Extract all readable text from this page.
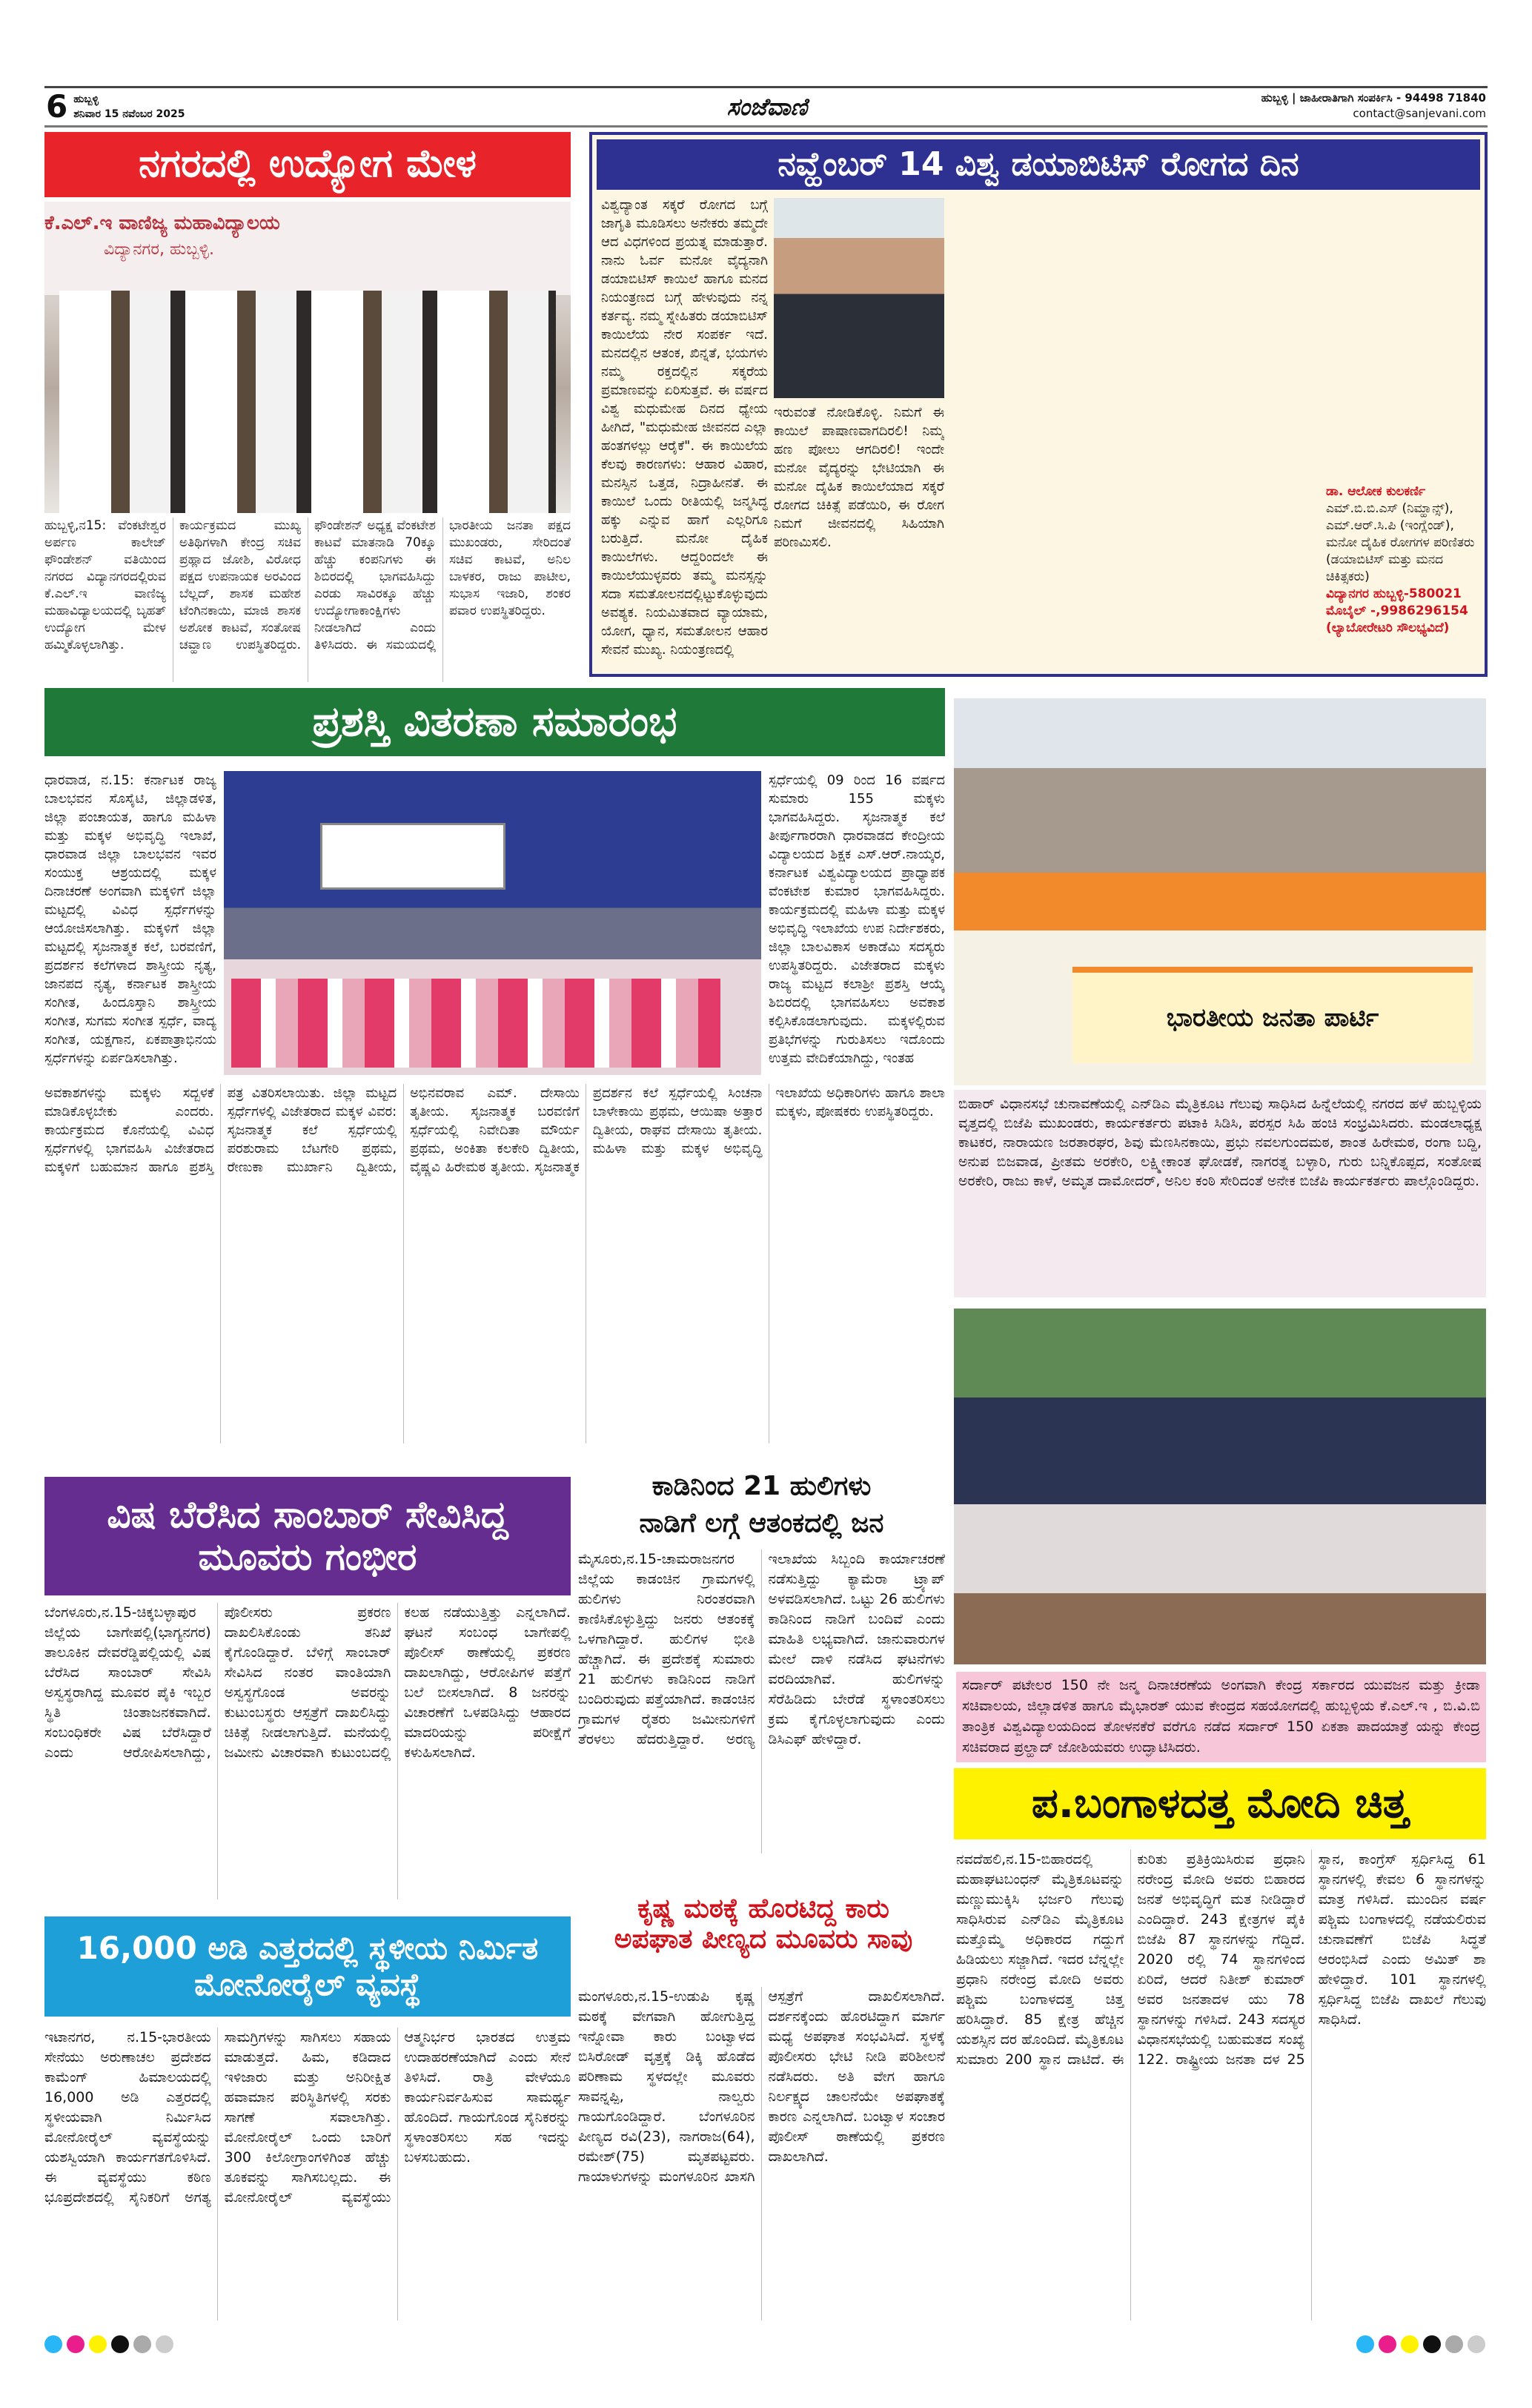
6 ಹುಬ್ಬಳ್ಳಿ
ಶನಿವಾರ 15 ನವೆಂಬರ 2025	ಸಂಜೆವಾಣಿ	ಹುಬ್ಬಳ್ಳಿ | ಜಾಹೀರಾತಿಗಾಗಿ ಸಂಪರ್ಕಿಸಿ - 94498 71840
contact@sanjevani.com
ನಗರದಲ್ಲಿ ಉದ್ಯೋಗ ಮೇಳ
ಕೆ.ಎಲ್.ಇ ವಾಣಿಜ್ಯ ಮಹಾವಿದ್ಯಾಲಯ
ವಿದ್ಯಾನಗರ, ಹುಬ್ಬಳ್ಳಿ.
ಹುಬ್ಬಳ್ಳಿ,ನ15: ವೆಂಕಟೇಶ್ವರ ಅರ್ಪಣ ಕಾಲೇಜ್ ಫೌಂಡೇಶನ್ ವತಿಯಿಂದ ನಗರದ ವಿದ್ಯಾನಗರದಲ್ಲಿರುವ ಕೆ.ಎಲ್.ಇ ವಾಣಿಜ್ಯ ಮಹಾವಿದ್ಯಾಲಯದಲ್ಲಿ ಬೃಹತ್ ಉದ್ಯೋಗ ಮೇಳ ಹಮ್ಮಿಕೊಳ್ಳಲಾಗಿತ್ತು. ಕಾರ್ಯಕ್ರಮದ ಮುಖ್ಯ ಅತಿಥಿಗಳಾಗಿ ಕೇಂದ್ರ ಸಚಿವ ಪ್ರಹ್ಲಾದ ಜೋಶಿ, ವಿರೋಧ ಪಕ್ಷದ ಉಪನಾಯಕ ಅರವಿಂದ ಬೆಲ್ಲದ್, ಶಾಸಕ ಮಹೇಶ ಟೆಂಗಿನಕಾಯಿ, ಮಾಜಿ ಶಾಸಕ ಅಶೋಕ ಕಾಟವೆ, ಸಂತೋಷ ಚವ್ಹಾಣ ಉಪಸ್ಥಿತರಿದ್ದರು. ಫೌಂಡೇಶನ್ ಅಧ್ಯಕ್ಷ ವೆಂಕಟೇಶ ಕಾಟವೆ ಮಾತನಾಡಿ 70ಕ್ಕೂ ಹೆಚ್ಚು ಕಂಪನಿಗಳು ಈ ಶಿಬಿರದಲ್ಲಿ ಭಾಗವಹಿಸಿದ್ದು ಎರಡು ಸಾವಿರಕ್ಕೂ ಹೆಚ್ಚು ಉದ್ಯೋಗಾಕಾಂಕ್ಷಿಗಳು ನೀಡಲಾಗಿದೆ ಎಂದು ತಿಳಿಸಿದರು. ಈ ಸಮಯದಲ್ಲಿ ಭಾರತೀಯ ಜನತಾ ಪಕ್ಷದ ಮುಖಂಡರು, ಸೇರಿದಂತೆ ಸಚಿವ ಕಾಟವೆ, ಅನಿಲ ಬಾಳಕರ, ರಾಜು ಪಾಟೀಲ, ಸುಭಾಸ ಇಜಾರಿ, ಶಂಕರ ಪವಾರ ಉಪಸ್ಥಿತರಿದ್ದರು.
ನವ್ಹೆಂಬರ್ 14 ವಿಶ್ವ ಡಯಾಬಿಟಿಸ್ ರೋಗದ ದಿನ
ವಿಶ್ವದ್ಯಾಂತ ಸಕ್ಕರೆ ರೋಗದ ಬಗ್ಗೆ ಜಾಗೃತಿ ಮೂಡಿಸಲು ಅನೇಕರು ತಮ್ಮದೇ ಆದ ವಿಧಗಳಿಂದ ಪ್ರಯತ್ನ ಮಾಡುತ್ತಾರೆ. ನಾನು ಓರ್ವ ಮನೋ ವೈದ್ಯನಾಗಿ ಡಯಾಬಿಟಿಸ್ ಕಾಯಿಲೆ ಹಾಗೂ ಮನದ ನಿಯಂತ್ರಣದ ಬಗ್ಗೆ ಹೇಳುವುದು ನನ್ನ ಕರ್ತವ್ಯ. ನಮ್ಮ ಸ್ನೇಹಿತರು ಡಯಾಬಿಟಿಸ್ ಕಾಯಿಲೆಯ ನೇರ ಸಂಪರ್ಕ ಇದೆ. ಮನದಲ್ಲಿನ ಆತಂಕ, ಖಿನ್ನತೆ, ಭಯಗಳು ನಮ್ಮ ರಕ್ತದಲ್ಲಿನ ಸಕ್ಕರೆಯ ಪ್ರಮಾಣವನ್ನು ಏರಿಸುತ್ತವೆ. ಈ ವರ್ಷದ ವಿಶ್ವ ಮಧುಮೇಹ ದಿನದ ಧ್ಯೇಯ ಹೀಗಿದೆ, "ಮಧುಮೇಹ ಜೀವನದ ಎಲ್ಲಾ ಹಂತಗಳಲ್ಲು ಆರೈಕೆ". ಈ ಕಾಯಿಲೆಯ ಕೆಲವು ಕಾರಣಗಳು: ಆಹಾರ ವಿಹಾರ, ಮನಸ್ಸಿನ ಒತ್ತಡ, ನಿದ್ರಾಹೀನತೆ. ಈ ಕಾಯಿಲೆ ಒಂದು ರೀತಿಯಲ್ಲಿ ಜನ್ಮಸಿದ್ಧ ಹಕ್ಕು ಎನ್ನುವ ಹಾಗೆ ಎಲ್ಲರಿಗೂ ಬರುತ್ತಿದೆ. ಮನೋ ದೈಹಿಕ ಕಾಯಿಲೆಗಳು. ಆದ್ದರಿಂದಲೇ ಈ ಕಾಯಿಲೆಯುಳ್ಳವರು ತಮ್ಮ ಮನಸ್ಸನ್ನು ಸದಾ ಸಮತೋಲನದಲ್ಲಿಟ್ಟುಕೊಳ್ಳುವುದು ಅವಶ್ಯಕ. ನಿಯಮಿತವಾದ ವ್ಯಾಯಾಮ, ಯೋಗ, ಧ್ಯಾನ, ಸಮತೋಲನ ಆಹಾರ ಸೇವನೆ ಮುಖ್ಯ. ನಿಯಂತ್ರಣದಲ್ಲಿ
ಇರುವಂತೆ ನೋಡಿಕೊಳ್ಳಿ. ನಿಮಗೆ ಈ ಕಾಯಿಲೆ ಪಾಷಾಣವಾಗದಿರಲಿ! ನಿಮ್ಮ ಹಣ ಪೋಲು ಆಗದಿರಲಿ! ಇಂದೇ ಮನೋ ವೈದ್ಯರನ್ನು ಭೇಟಿಯಾಗಿ ಈ ಮನೋ ದೈಹಿಕ ಕಾಯಿಲೆಯಾದ ಸಕ್ಕರೆ ರೋಗದ ಚಿಕಿತ್ಸೆ ಪಡೆಯಿರಿ, ಈ ರೋಗ ನಿಮಗೆ ಜೀವನದಲ್ಲಿ ಸಿಹಿಯಾಗಿ ಪರಿಣಮಿಸಲಿ.
ಡಾ. ಆಲೋಕ ಕುಲಕರ್ಣಿ
ಎಮ್.ಬಿ.ಬಿ.ಎಸ್ (ನಿಮ್ಹಾನ್ಸ್), ಎಮ್.ಆರ್.ಸಿ.ಪಿ (ಇಂಗ್ಲೆಂಡ್), ಮನೋ ದೈಹಿಕ ರೋಗಗಳ ಪರಿಣಿತರು (ಡಯಾಬಿಟಿಸ್ ಮತ್ತು ಮನದ ಚಿಕಿತ್ಸಕರು)
ವಿದ್ಯಾನಗರ ಹುಬ್ಬಳ್ಳಿ-580021
ಮೊಬೈಲ್ -,9986296154
(ಲ್ಯಾಬೋರೇಟರಿ ಸೌಲಭ್ಯವಿದೆ)
ಪ್ರಶಸ್ತಿ ವಿತರಣಾ ಸಮಾರಂಭ
ಧಾರವಾಡ, ನ.15: ಕರ್ನಾಟಕ ರಾಜ್ಯ ಬಾಲಭವನ ಸೊಸೈಟಿ, ಜಿಲ್ಲಾಡಳಿತ, ಜಿಲ್ಲಾ ಪಂಚಾಯತ, ಹಾಗೂ ಮಹಿಳಾ ಮತ್ತು ಮಕ್ಕಳ ಅಭಿವೃದ್ಧಿ ಇಲಾಖೆ, ಧಾರವಾಡ ಜಿಲ್ಲಾ ಬಾಲಭವನ ಇವರ ಸಂಯುಕ್ತ ಆಶ್ರಯದಲ್ಲಿ ಮಕ್ಕಳ ದಿನಾಚರಣೆ ಅಂಗವಾಗಿ ಮಕ್ಕಳಿಗೆ ಜಿಲ್ಲಾ ಮಟ್ಟದಲ್ಲಿ ವಿವಿಧ ಸ್ಪರ್ಧೆಗಳನ್ನು ಆಯೋಜಿಸಲಾಗಿತ್ತು. ಮಕ್ಕಳಿಗೆ ಜಿಲ್ಲಾ ಮಟ್ಟದಲ್ಲಿ ಸೃಜನಾತ್ಮಕ ಕಲೆ, ಬರವಣಿಗೆ, ಪ್ರದರ್ಶನ ಕಲೆಗಳಾದ ಶಾಸ್ತ್ರೀಯ ನೃತ್ಯ, ಜಾನಪದ ನೃತ್ಯ, ಕರ್ನಾಟಕ ಶಾಸ್ತ್ರೀಯ ಸಂಗೀತ, ಹಿಂದೂಸ್ತಾನಿ ಶಾಸ್ತ್ರೀಯ ಸಂಗೀತ, ಸುಗಮ ಸಂಗೀತ ಸ್ಪರ್ಧೆ, ವಾದ್ಯ ಸಂಗೀತ, ಯಕ್ಷಗಾನ, ಏಕಪಾತ್ರಾಭಿನಯ ಸ್ಪರ್ಧೆಗಳನ್ನು ಏರ್ಪಡಿಸಲಾಗಿತ್ತು.
ಸ್ಪರ್ಧೆಯಲ್ಲಿ 09 ರಿಂದ 16 ವರ್ಷದ ಸುಮಾರು 155 ಮಕ್ಕಳು ಭಾಗವಹಿಸಿದ್ದರು. ಸೃಜನಾತ್ಮಕ ಕಲೆ ತೀರ್ಪುಗಾರರಾಗಿ ಧಾರವಾಡದ ಕೇಂದ್ರೀಯ ವಿದ್ಯಾಲಯದ ಶಿಕ್ಷಕ ಎಸ್.ಆರ್.ನಾಯ್ಕರ, ಕರ್ನಾಟಕ ವಿಶ್ವವಿದ್ಯಾಲಯದ ಪ್ರಾಧ್ಯಾಪಕ ವೆಂಕಟೇಶ ಕುಮಾರ ಭಾಗವಹಿಸಿದ್ದರು. ಕಾರ್ಯಕ್ರಮದಲ್ಲಿ ಮಹಿಳಾ ಮತ್ತು ಮಕ್ಕಳ ಅಭಿವೃದ್ಧಿ ಇಲಾಖೆಯ ಉಪ ನಿರ್ದೇಶಕರು, ಜಿಲ್ಲಾ ಬಾಲವಿಕಾಸ ಅಕಾಡೆಮಿ ಸದಸ್ಯರು ಉಪಸ್ಥಿತರಿದ್ದರು. ವಿಜೇತರಾದ ಮಕ್ಕಳು ರಾಜ್ಯ ಮಟ್ಟದ ಕಲಾಶ್ರೀ ಪ್ರಶಸ್ತಿ ಆಯ್ಕೆ ಶಿಬಿರದಲ್ಲಿ ಭಾಗವಹಿಸಲು ಅವಕಾಶ ಕಲ್ಪಿಸಿಕೊಡಲಾಗುವುದು. ಮಕ್ಕಳಲ್ಲಿರುವ ಪ್ರತಿಭೆಗಳನ್ನು ಗುರುತಿಸಲು ಇದೊಂದು ಉತ್ತಮ ವೇದಿಕೆಯಾಗಿದ್ದು, ಇಂತಹ
ಅವಕಾಶಗಳನ್ನು ಮಕ್ಕಳು ಸದ್ಬಳಕೆ ಮಾಡಿಕೊಳ್ಳಬೇಕು ಎಂದರು. ಕಾರ್ಯಕ್ರಮದ ಕೊನೆಯಲ್ಲಿ ವಿವಿಧ ಸ್ಪರ್ಧೆಗಳಲ್ಲಿ ಭಾಗವಹಿಸಿ ವಿಜೇತರಾದ ಮಕ್ಕಳಿಗೆ ಬಹುಮಾನ ಹಾಗೂ ಪ್ರಶಸ್ತಿ ಪತ್ರ ವಿತರಿಸಲಾಯಿತು. ಜಿಲ್ಲಾ ಮಟ್ಟದ ಸ್ಪರ್ಧೆಗಳಲ್ಲಿ ವಿಜೇತರಾದ ಮಕ್ಕಳ ವಿವರ: ಸೃಜನಾತ್ಮಕ ಕಲೆ ಸ್ಪರ್ಧೆಯಲ್ಲಿ ಪರಶುರಾಮ ಬೆಟಗೇರಿ ಪ್ರಥಮ, ರೇಣುಕಾ ಮುರ್ಖಾನಿ ದ್ವಿತೀಯ, ಅಭಿನವರಾವ ಎಮ್. ದೇಸಾಯಿ ತೃತೀಯ. ಸೃಜನಾತ್ಮಕ ಬರವಣಿಗೆ ಸ್ಪರ್ಧೆಯಲ್ಲಿ ನಿವೇದಿತಾ ಮೌರ್ಯ ಪ್ರಥಮ, ಅಂಕಿತಾ ಕಲಕೇರಿ ದ್ವಿತೀಯ, ವೈಷ್ಣವಿ ಹಿರೇಮಠ ತೃತೀಯ. ಸೃಜನಾತ್ಮಕ ಪ್ರದರ್ಶನ ಕಲೆ ಸ್ಪರ್ಧೆಯಲ್ಲಿ ಸಿಂಚನಾ ಬಾಳೇಕಾಯಿ ಪ್ರಥಮ, ಆಯಿಷಾ ಅತ್ತಾರ ದ್ವಿತೀಯ, ರಾಘವ ದೇಸಾಯಿ ತೃತೀಯ. ಮಹಿಳಾ ಮತ್ತು ಮಕ್ಕಳ ಅಭಿವೃದ್ಧಿ ಇಲಾಖೆಯ ಅಧಿಕಾರಿಗಳು ಹಾಗೂ ಶಾಲಾ ಮಕ್ಕಳು, ಪೋಷಕರು ಉಪಸ್ಥಿತರಿದ್ದರು.
ಭಾರತೀಯ ಜನತಾ ಪಾರ್ಟಿ
ಬಿಹಾರ್ ವಿಧಾನಸಭೆ ಚುನಾವಣೆಯಲ್ಲಿ ಎನ್‌ಡಿಎ ಮೈತ್ರಿಕೂಟ ಗೆಲುವು ಸಾಧಿಸಿದ ಹಿನ್ನೆಲೆಯಲ್ಲಿ ನಗರದ ಹಳೆ ಹುಬ್ಬಳ್ಳಿಯ ವೃತ್ತದಲ್ಲಿ ಬಿಜೆಪಿ ಮುಖಂಡರು, ಕಾರ್ಯಕರ್ತರು ಪಟಾಕಿ ಸಿಡಿಸಿ, ಪರಸ್ಪರ ಸಿಹಿ ಹಂಚಿ ಸಂಭ್ರಮಿಸಿದರು. ಮಂಡಲಾಧ್ಯಕ್ಷ ಕಾಟಕರ, ನಾರಾಯಣ ಜರತಾರಘರ, ಶಿವು ಮೆಣಸಿನಕಾಯಿ, ಪ್ರಭು ನವಲಗುಂದಮಠ, ಶಾಂತ ಹಿರೇಮಠ, ರಂಗಾ ಬದ್ದಿ, ಅನುಪ ಬಿಜವಾಡ, ಪ್ರೀತಮ ಅರಕೇರಿ, ಲಕ್ಷ್ಮೀಕಾಂತ ಘೋಡಕೆ, ನಾಗರತ್ನ ಬಳ್ಳಾರಿ, ಗುರು ಬನ್ನಿಕೊಪ್ಪದ, ಸಂತೋಷ ಅರಕೇರಿ, ರಾಜು ಕಾಳೆ, ಅಮೃತ ದಾಮೋದರ್, ಅನಿಲ ಕಂಠಿ ಸೇರಿದಂತೆ ಅನೇಕ ಬಿಜೆಪಿ ಕಾರ್ಯಕರ್ತರು ಪಾಲ್ಗೊಂಡಿದ್ದರು.
ಸರ್ದಾರ್ ಪಟೇಲರ 150 ನೇ ಜನ್ಮ ದಿನಾಚರಣೆಯ ಅಂಗವಾಗಿ ಕೇಂದ್ರ ಸರ್ಕಾರದ ಯುವಜನ ಮತ್ತು ಕ್ರೀಡಾ ಸಚಿವಾಲಯ, ಜಿಲ್ಲಾಡಳಿತ ಹಾಗೂ ಮೈಭಾರತ್ ಯುವ ಕೇಂದ್ರದ ಸಹಯೋಗದಲ್ಲಿ ಹುಬ್ಬಳ್ಳಿಯ ಕೆ.ಎಲ್.ಇ , ಬಿ.ವಿ.ಬಿ ತಾಂತ್ರಿಕ ವಿಶ್ವವಿದ್ಯಾಲಯದಿಂದ ತೋಳನಕೆರೆ ವರೆಗೂ ನಡೆದ ಸರ್ದಾರ್ 150 ಏಕತಾ ಪಾದಯಾತ್ರೆ ಯನ್ನು ಕೇಂದ್ರ ಸಚಿವರಾದ ಪ್ರಲ್ಹಾದ್ ಜೋಶಿಯವರು ಉದ್ಘಾಟಿಸಿದರು.
ಪ.ಬಂಗಾಳದತ್ತ ಮೋದಿ ಚಿತ್ತ
ನವದೆಹಲಿ,ನ.15-ಬಿಹಾರದಲ್ಲಿ ಮಹಾಘಟಬಂಧನ್ ಮೈತ್ರಿಕೂಟವನ್ನು ಮಣ್ಣುಮುಕ್ಕಿಸಿ ಭರ್ಜರಿ ಗೆಲುವು ಸಾಧಿಸಿರುವ ಎನ್‌ಡಿಎ ಮೈತ್ರಿಕೂಟ ಮತ್ತೊಮ್ಮೆ ಅಧಿಕಾರದ ಗದ್ದುಗೆ ಹಿಡಿಯಲು ಸಜ್ಜಾಗಿದೆ. ಇದರ ಬೆನ್ನಲ್ಲೇ ಪ್ರಧಾನಿ ನರೇಂದ್ರ ಮೋದಿ ಅವರು ಪಶ್ಚಿಮ ಬಂಗಾಳದತ್ತ ಚಿತ್ತ ಹರಿಸಿದ್ದಾರೆ. 85 ಕ್ಷೇತ್ರ ಹೆಚ್ಚಿನ ಯಶಸ್ಸಿನ ದರ ಹೊಂದಿದೆ. ಮೈತ್ರಿಕೂಟ ಸುಮಾರು 200 ಸ್ಥಾನ ದಾಟಿದೆ. ಈ ಕುರಿತು ಪ್ರತಿಕ್ರಿಯಿಸಿರುವ ಪ್ರಧಾನಿ ನರೇಂದ್ರ ಮೋದಿ ಅವರು ಬಿಹಾರದ ಜನತೆ ಅಭಿವೃದ್ಧಿಗೆ ಮತ ನೀಡಿದ್ದಾರೆ ಎಂದಿದ್ದಾರೆ. 243 ಕ್ಷೇತ್ರಗಳ ಪೈಕಿ ಬಿಜೆಪಿ 87 ಸ್ಥಾನಗಳನ್ನು ಗೆದ್ದಿದೆ. 2020 ರಲ್ಲಿ 74 ಸ್ಥಾನಗಳಿಂದ ಏರಿದೆ, ಆದರೆ ನಿತೀಶ್ ಕುಮಾರ್ ಅವರ ಜನತಾದಳ ಯು 78 ಸ್ಥಾನಗಳನ್ನು ಗಳಿಸಿದೆ. 243 ಸದಸ್ಯರ ವಿಧಾನಸಭೆಯಲ್ಲಿ ಬಹುಮತದ ಸಂಖ್ಯೆ 122. ರಾಷ್ಟ್ರೀಯ ಜನತಾ ದಳ 25 ಸ್ಥಾನ, ಕಾಂಗ್ರೆಸ್ ಸ್ಪರ್ಧಿಸಿದ್ದ 61 ಸ್ಥಾನಗಳಲ್ಲಿ ಕೇವಲ 6 ಸ್ಥಾನಗಳನ್ನು ಮಾತ್ರ ಗಳಿಸಿದೆ. ಮುಂದಿನ ವರ್ಷ ಪಶ್ಚಿಮ ಬಂಗಾಳದಲ್ಲಿ ನಡೆಯಲಿರುವ ಚುನಾವಣೆಗೆ ಬಿಜೆಪಿ ಸಿದ್ಧತೆ ಆರಂಭಿಸಿದೆ ಎಂದು ಅಮಿತ್ ಶಾ ಹೇಳಿದ್ದಾರೆ. 101 ಸ್ಥಾನಗಳಲ್ಲಿ ಸ್ಪರ್ಧಿಸಿದ್ದ ಬಿಜೆಪಿ ದಾಖಲೆ ಗೆಲುವು ಸಾಧಿಸಿದೆ.
ವಿಷ ಬೆರೆಸಿದ ಸಾಂಬಾರ್ ಸೇವಿಸಿದ್ದ ಮೂವರು ಗಂಭೀರ
ಬೆಂಗಳೂರು,ನ.15-ಚಿಕ್ಕಬಳ್ಳಾಪುರ ಜಿಲ್ಲೆಯ ಬಾಗೇಪಲ್ಲಿ(ಭಾಗ್ಯನಗರ) ತಾಲೂಕಿನ ದೇವರೆಡ್ಡಿಪಲ್ಲಿಯಲ್ಲಿ ವಿಷ ಬೆರೆಸಿದ ಸಾಂಬಾರ್ ಸೇವಿಸಿ ಅಸ್ವಸ್ಥರಾಗಿದ್ದ ಮೂವರ ಪೈಕಿ ಇಬ್ಬರ ಸ್ಥಿತಿ ಚಿಂತಾಜನಕವಾಗಿದೆ. ಸಂಬಂಧಿಕರೇ ವಿಷ ಬೆರೆಸಿದ್ದಾರೆ ಎಂದು ಆರೋಪಿಸಲಾಗಿದ್ದು, ಪೊಲೀಸರು ಪ್ರಕರಣ ದಾಖಲಿಸಿಕೊಂಡು ತನಿಖೆ ಕೈಗೊಂಡಿದ್ದಾರೆ. ಬೆಳಿಗ್ಗೆ ಸಾಂಬಾರ್ ಸೇವಿಸಿದ ನಂತರ ವಾಂತಿಯಾಗಿ ಅಸ್ವಸ್ಥಗೊಂಡ ಅವರನ್ನು ಕುಟುಂಬಸ್ಥರು ಆಸ್ಪತ್ರೆಗೆ ದಾಖಲಿಸಿದ್ದು ಚಿಕಿತ್ಸೆ ನೀಡಲಾಗುತ್ತಿದೆ. ಮನೆಯಲ್ಲಿ ಜಮೀನು ವಿಚಾರವಾಗಿ ಕುಟುಂಬದಲ್ಲಿ ಕಲಹ ನಡೆಯುತ್ತಿತ್ತು ಎನ್ನಲಾಗಿದೆ. ಘಟನೆ ಸಂಬಂಧ ಬಾಗೇಪಲ್ಲಿ ಪೊಲೀಸ್ ಠಾಣೆಯಲ್ಲಿ ಪ್ರಕರಣ ದಾಖಲಾಗಿದ್ದು, ಆರೋಪಿಗಳ ಪತ್ತೆಗೆ ಬಲೆ ಬೀಸಲಾಗಿದೆ. 8 ಜನರನ್ನು ವಿಚಾರಣೆಗೆ ಒಳಪಡಿಸಿದ್ದು ಆಹಾರದ ಮಾದರಿಯನ್ನು ಪರೀಕ್ಷೆಗೆ ಕಳುಹಿಸಲಾಗಿದೆ.
ಕಾಡಿನಿಂದ 21 ಹುಲಿಗಳು
ನಾಡಿಗೆ ಲಗ್ಗೆ ಆತಂಕದಲ್ಲಿ ಜನ
ಮೈಸೂರು,ನ.15-ಚಾಮರಾಜನಗರ ಜಿಲ್ಲೆಯ ಕಾಡಂಚಿನ ಗ್ರಾಮಗಳಲ್ಲಿ ಹುಲಿಗಳು ನಿರಂತರವಾಗಿ ಕಾಣಿಸಿಕೊಳ್ಳುತ್ತಿದ್ದು ಜನರು ಆತಂಕಕ್ಕೆ ಒಳಗಾಗಿದ್ದಾರೆ. ಹುಲಿಗಳ ಭೀತಿ ಹೆಚ್ಚಾಗಿದೆ. ಈ ಪ್ರದೇಶಕ್ಕೆ ಸುಮಾರು 21 ಹುಲಿಗಳು ಕಾಡಿನಿಂದ ನಾಡಿಗೆ ಬಂದಿರುವುದು ಪತ್ತೆಯಾಗಿದೆ. ಕಾಡಂಚಿನ ಗ್ರಾಮಗಳ ರೈತರು ಜಮೀನುಗಳಿಗೆ ತೆರಳಲು ಹೆದರುತ್ತಿದ್ದಾರೆ. ಅರಣ್ಯ ಇಲಾಖೆಯ ಸಿಬ್ಬಂದಿ ಕಾರ್ಯಾಚರಣೆ ನಡೆಸುತ್ತಿದ್ದು ಕ್ಯಾಮೆರಾ ಟ್ರ್ಯಾಪ್ ಅಳವಡಿಸಲಾಗಿದೆ. ಒಟ್ಟು 26 ಹುಲಿಗಳು ಕಾಡಿನಿಂದ ನಾಡಿಗೆ ಬಂದಿವೆ ಎಂದು ಮಾಹಿತಿ ಲಭ್ಯವಾಗಿದೆ. ಜಾನುವಾರುಗಳ ಮೇಲೆ ದಾಳಿ ನಡೆಸಿದ ಘಟನೆಗಳು ವರದಿಯಾಗಿವೆ. ಹುಲಿಗಳನ್ನು ಸೆರೆಹಿಡಿದು ಬೇರೆಡೆ ಸ್ಥಳಾಂತರಿಸಲು ಕ್ರಮ ಕೈಗೊಳ್ಳಲಾಗುವುದು ಎಂದು ಡಿಸಿಎಫ್ ಹೇಳಿದ್ದಾರೆ.
ಕೃಷ್ಣ ಮಠಕ್ಕೆ ಹೊರಟಿದ್ದ ಕಾರು ಅಪಘಾತ ಪೀಣ್ಯದ ಮೂವರು ಸಾವು
ಮಂಗಳೂರು,ನ.15-ಉಡುಪಿ ಕೃಷ್ಣ ಮಠಕ್ಕೆ ವೇಗವಾಗಿ ಹೋಗುತ್ತಿದ್ದ ಇನ್ನೋವಾ ಕಾರು ಬಂಟ್ವಾಳದ ಬಿಸಿರೋಡ್ ವೃತ್ತಕ್ಕೆ ಡಿಕ್ಕಿ ಹೊಡೆದ ಪರಿಣಾಮ ಸ್ಥಳದಲ್ಲೇ ಮೂವರು ಸಾವನ್ನಪ್ಪಿ, ನಾಲ್ವರು ಗಾಯಗೊಂಡಿದ್ದಾರೆ. ಬೆಂಗಳೂರಿನ ಪೀಣ್ಯದ ರವಿ(23), ನಾಗರಾಜ(64), ರಮೇಶ್(75) ಮೃತಪಟ್ಟವರು. ಗಾಯಾಳುಗಳನ್ನು ಮಂಗಳೂರಿನ ಖಾಸಗಿ ಆಸ್ಪತ್ರೆಗೆ ದಾಖಲಿಸಲಾಗಿದೆ. ದರ್ಶನಕ್ಕೆಂದು ಹೊರಟಿದ್ದಾಗ ಮಾರ್ಗ ಮಧ್ಯೆ ಅಪಘಾತ ಸಂಭವಿಸಿದೆ. ಸ್ಥಳಕ್ಕೆ ಪೊಲೀಸರು ಭೇಟಿ ನೀಡಿ ಪರಿಶೀಲನೆ ನಡೆಸಿದರು. ಅತಿ ವೇಗ ಹಾಗೂ ನಿರ್ಲಕ್ಷ್ಯದ ಚಾಲನೆಯೇ ಅಪಘಾತಕ್ಕೆ ಕಾರಣ ಎನ್ನಲಾಗಿದೆ. ಬಂಟ್ವಾಳ ಸಂಚಾರ ಪೊಲೀಸ್ ಠಾಣೆಯಲ್ಲಿ ಪ್ರಕರಣ ದಾಖಲಾಗಿದೆ.
16,000 ಅಡಿ ಎತ್ತರದಲ್ಲಿ ಸ್ಥಳೀಯ ನಿರ್ಮಿತ ಮೋನೋರೈಲ್ ವ್ಯವಸ್ಥೆ
ಇಟಾನಗರ, ನ.15-ಭಾರತೀಯ ಸೇನೆಯು ಅರುಣಾಚಲ ಪ್ರದೇಶದ ಕಾಮೆಂಗ್ ಹಿಮಾಲಯದಲ್ಲಿ 16,000 ಅಡಿ ಎತ್ತರದಲ್ಲಿ ಸ್ಥಳೀಯವಾಗಿ ನಿರ್ಮಿಸಿದ ಮೋನೋರೈಲ್ ವ್ಯವಸ್ಥೆಯನ್ನು ಯಶಸ್ವಿಯಾಗಿ ಕಾರ್ಯಗತಗೊಳಿಸಿದೆ. ಈ ವ್ಯವಸ್ಥೆಯು ಕಠಿಣ ಭೂಪ್ರದೇಶದಲ್ಲಿ ಸೈನಿಕರಿಗೆ ಅಗತ್ಯ ಸಾಮಗ್ರಿಗಳನ್ನು ಸಾಗಿಸಲು ಸಹಾಯ ಮಾಡುತ್ತದೆ. ಹಿಮ, ಕಡಿದಾದ ಇಳಿಜಾರು ಮತ್ತು ಅನಿರೀಕ್ಷಿತ ಹವಾಮಾನ ಪರಿಸ್ಥಿತಿಗಳಲ್ಲಿ ಸರಕು ಸಾಗಣೆ ಸವಾಲಾಗಿತ್ತು. ಮೋನೋರೈಲ್ ಒಂದು ಬಾರಿಗೆ 300 ಕಿಲೋಗ್ರಾಂಗಳಿಗಿಂತ ಹೆಚ್ಚು ತೂಕವನ್ನು ಸಾಗಿಸಬಲ್ಲದು. ಈ ಮೋನೋರೈಲ್ ವ್ಯವಸ್ಥೆಯು ಆತ್ಮನಿರ್ಭರ ಭಾರತದ ಉತ್ತಮ ಉದಾಹರಣೆಯಾಗಿದೆ ಎಂದು ಸೇನೆ ತಿಳಿಸಿದೆ. ರಾತ್ರಿ ವೇಳೆಯೂ ಕಾರ್ಯನಿರ್ವಹಿಸುವ ಸಾಮರ್ಥ್ಯ ಹೊಂದಿದೆ. ಗಾಯಗೊಂಡ ಸೈನಿಕರನ್ನು ಸ್ಥಳಾಂತರಿಸಲು ಸಹ ಇದನ್ನು ಬಳಸಬಹುದು.
